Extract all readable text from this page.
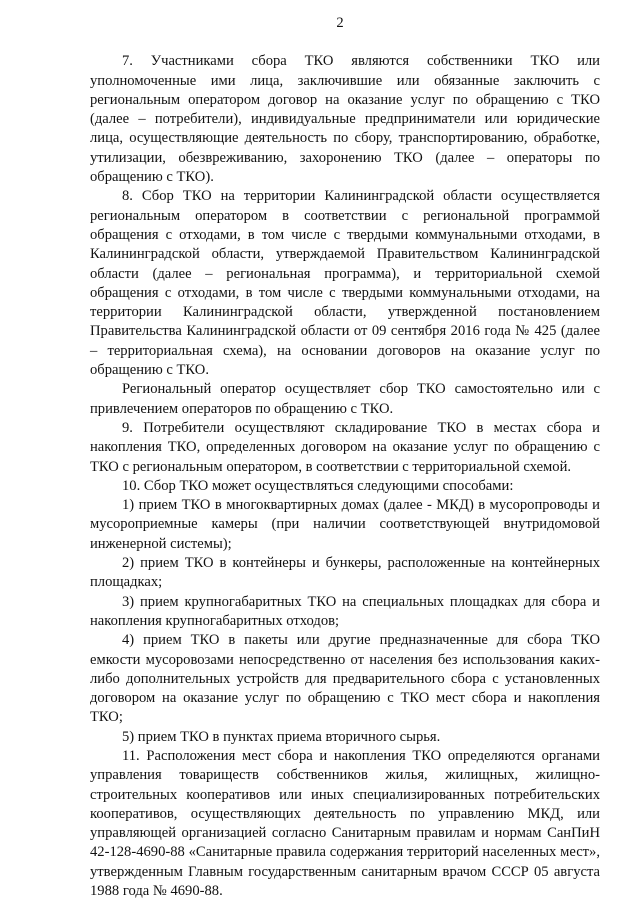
2

7. Участниками сбора ТКО являются собственники ТКО или уполномоченные ими лица, заключившие или обязанные заключить с региональным оператором договор на оказание услуг по обращению с ТКО (далее – потребители), индивидуальные предприниматели или юридические лица, осуществляющие деятельность по сбору, транспортированию, обработке, утилизации, обезвреживанию, захоронению ТКО (далее – операторы по обращению с ТКО).

8. Сбор ТКО на территории Калининградской области осуществляется региональным оператором в соответствии с региональной программой обращения с отходами, в том числе с твердыми коммунальными отходами, в Калининградской области, утверждаемой Правительством Калининградской области (далее – региональная программа), и территориальной схемой обращения с отходами, в том числе с твердыми коммунальными отходами, на территории Калининградской области, утвержденной постановлением Правительства Калининградской области от 09 сентября 2016 года № 425 (далее – территориальная схема), на основании договоров на оказание услуг по обращению с ТКО.

Региональный оператор осуществляет сбор ТКО самостоятельно или с привлечением операторов по обращению с ТКО.

9. Потребители осуществляют складирование ТКО в местах сбора и накопления ТКО, определенных договором на оказание услуг по обращению с ТКО с региональным оператором, в соответствии с территориальной схемой.

10. Сбор ТКО может осуществляться следующими способами:

1) прием ТКО в многоквартирных домах (далее - МКД) в мусоропроводы и мусороприемные камеры (при наличии соответствующей внутридомовой инженерной системы);

2) прием ТКО в контейнеры и бункеры, расположенные на контейнерных площадках;

3) прием крупногабаритных ТКО на специальных площадках для сбора и накопления крупногабаритных отходов;

4) прием ТКО в пакеты или другие предназначенные для сбора ТКО емкости мусоровозами непосредственно от населения без использования каких-либо дополнительных устройств для предварительного сбора с установленных договором на оказание услуг по обращению с ТКО мест сбора и накопления ТКО;

5) прием ТКО в пунктах приема вторичного сырья.

11. Расположения мест сбора и накопления ТКО определяются органами управления товариществ собственников жилья, жилищных, жилищно-строительных кооперативов или иных специализированных потребительских кооперативов, осуществляющих деятельность по управлению МКД, или управляющей организацией согласно Санитарным правилам и нормам СанПиН 42-128-4690-88 «Санитарные правила содержания территорий населенных мест», утвержденным Главным государственным санитарным врачом СССР 05 августа 1988 года № 4690-88.
